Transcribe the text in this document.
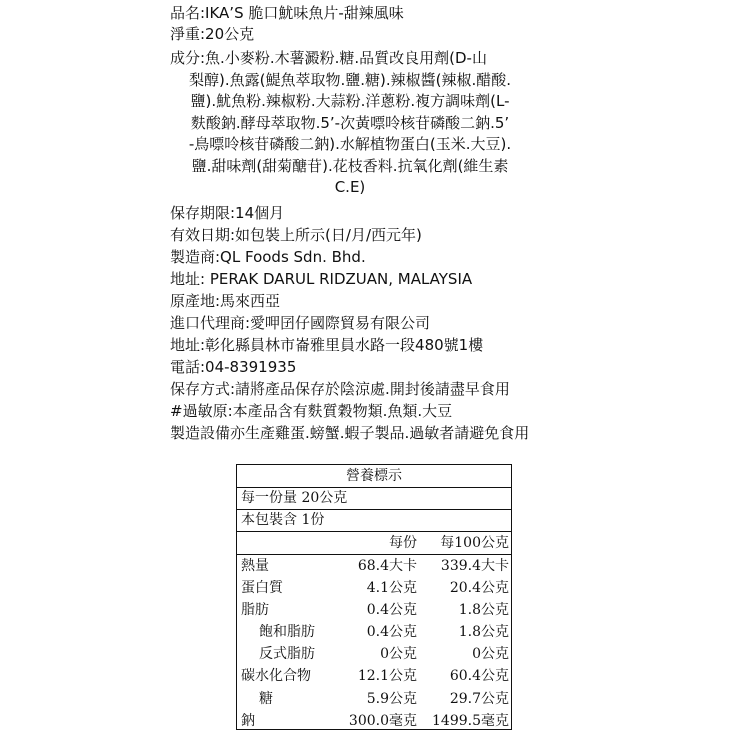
品名:IKA’S 脆口魷味魚片-甜辣風味
淨重:20公克
成分:魚.小麥粉.木薯澱粉.糖.品質改良用劑(D-山
梨醇).魚露(鯷魚萃取物.鹽.糖).辣椒醬(辣椒.醋酸.
鹽).魷魚粉.辣椒粉.大蒜粉.洋蔥粉.複方調味劑(L-
麩酸鈉.酵母萃取物.5’-次黃嘌呤核苷磷酸二鈉.5’
-鳥嘌呤核苷磷酸二鈉).水解植物蛋白(玉米.大豆).
鹽.甜味劑(甜菊醣苷).花枝香料.抗氧化劑(維生素
C.E)
保存期限:14個月
有效日期:如包裝上所示(日/月/西元年)
製造商:QL Foods Sdn. Bhd.
地址: PERAK DARUL RIDZUAN, MALAYSIA
原產地:馬來西亞
進口代理商:愛呷囝仔國際貿易有限公司
地址:彰化縣員林市崙雅里員水路一段480號1樓
電話:04-8391935
保存方式:請將產品保存於陰涼處.開封後請盡早食用
#過敏原:本產品含有麩質穀物類.魚類.大豆
製造設備亦生產雞蛋.螃蟹.蝦子製品.過敏者請避免食用
營養標示
每一份量 20公克
本包裝含 1份
每份 每100公克
熱量	68.4大卡 339.4大卡
蛋白質	4.1公克 20.4公克
脂肪	0.4公克	1.8公克
飽和脂肪	0.4公克	1.8公克
反式脂肪	0公克	0公克
碳水化合物	12.1公克 60.4公克
糖	5.9公克 29.7公克
鈉	300.0毫克 1499.5毫克
